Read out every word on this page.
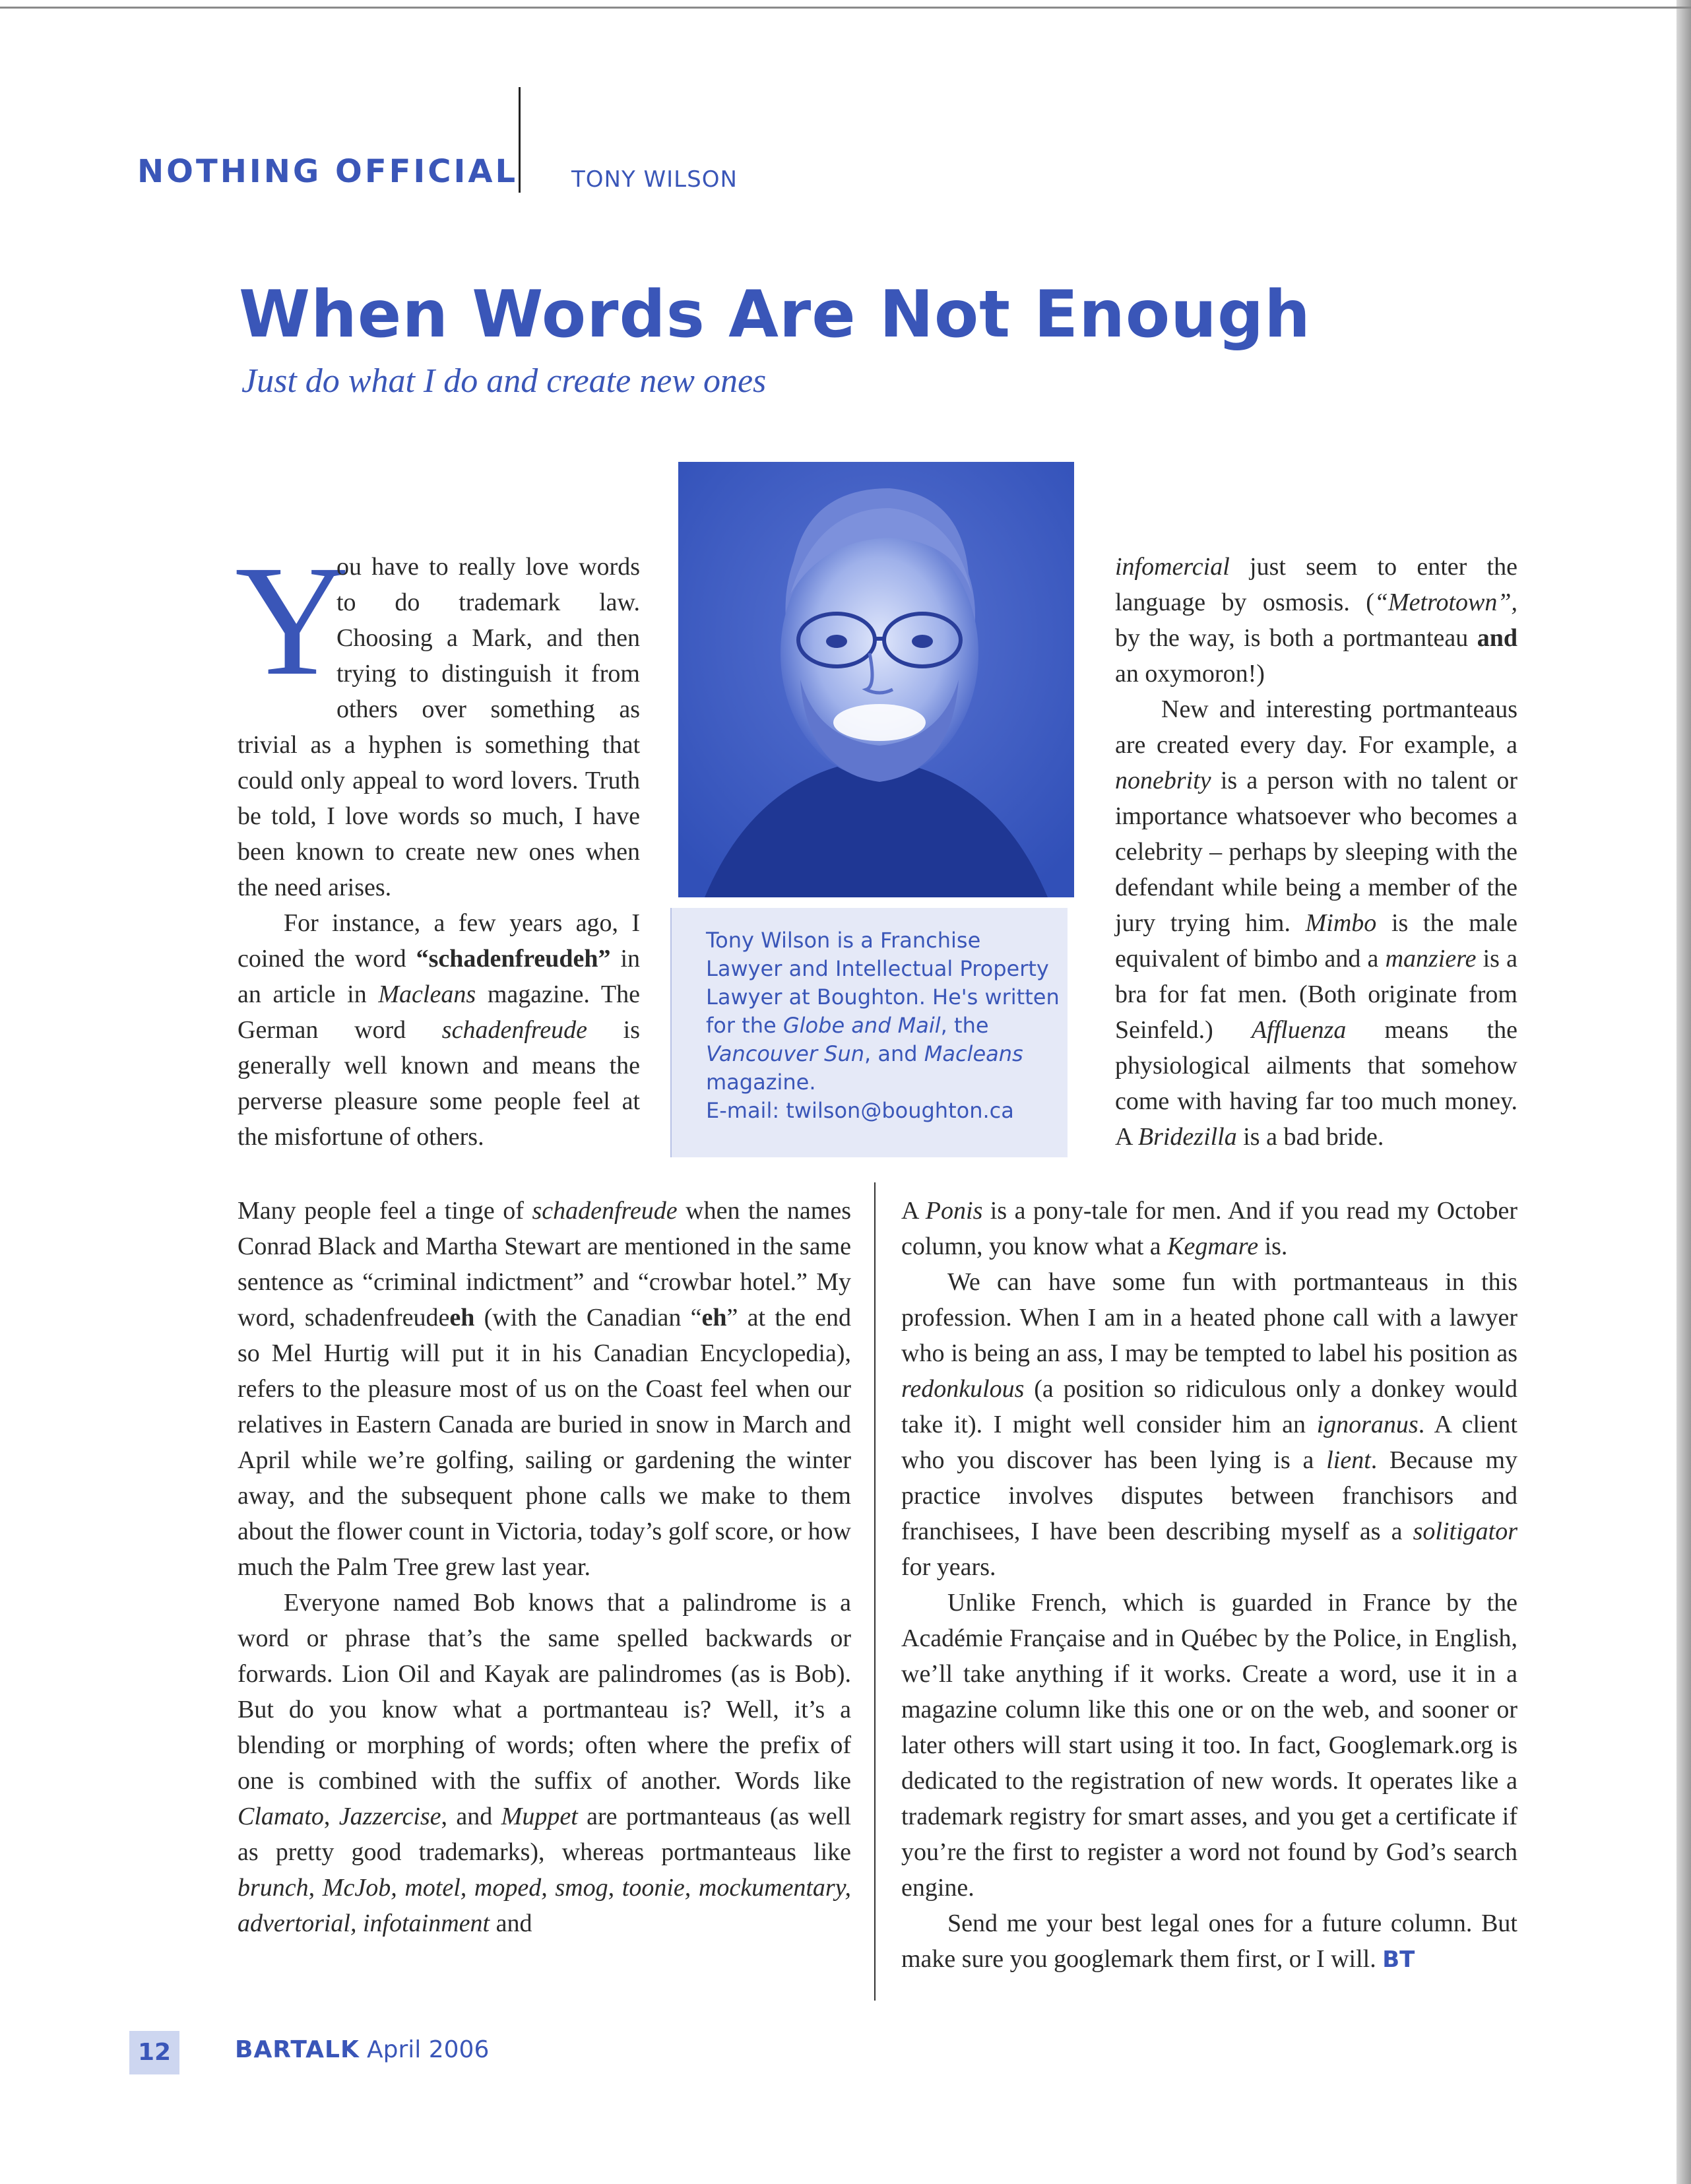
NOTHING OFFICIAL TONY WILSON
When Words Are Not Enough
Just do what I do and create new ones
Tony Wilson is a Franchise Lawyer and Intellectual Property Lawyer at Boughton. He's written for the Globe and Mail, the Vancouver Sun, and Macleans magazine.
E-mail: twilson@boughton.ca
Y

ou have to really love words to do trademark law. Choosing a Mark, and then trying to distinguish it from others over something as trivial as a hyphen is something that could only appeal to word lovers. Truth be told, I love words so much, I have been known to create new ones when the need arises.

For instance, a few years ago, I coined the word “schadenfreudeh” in an article in Macleans magazine. The German word schadenfreude is generally well known and means the perverse pleasure some people feel at the misfortune of others.

Many people feel a tinge of schadenfreude when the names Conrad Black and Martha Stewart are mentioned in the same sentence as “criminal indictment” and “crowbar hotel.” My word, schadenfreudeeh (with the Canadian “eh” at the end so Mel Hurtig will put it in his Canadian Encyclopedia), refers to the pleasure most of us on the Coast feel when our relatives in Eastern Canada are buried in snow in March and April while we’re golfing, sailing or gardening the winter away, and the subsequent phone calls we make to them about the flower count in Victoria, today’s golf score, or how much the Palm Tree grew last year.

Everyone named Bob knows that a palindrome is a word or phrase that’s the same spelled backwards or forwards. Lion Oil and Kayak are palindromes (as is Bob). But do you know what a portmanteau is? Well, it’s a blending or morphing of words; often where the prefix of one is combined with the suffix of another. Words like Clamato, Jazzercise, and Muppet are portmanteaus (as well as pretty good trademarks), whereas portmanteaus like brunch, McJob, motel, moped, smog, toonie, mockumentary, advertorial, infotainment and

infomercial just seem to enter the language by osmosis. (“Metrotown”, by the way, is both a portmanteau and an oxymoron!)

New and interesting portmanteaus are created every day. For example, a nonebrity is a person with no talent or importance whatsoever who becomes a celebrity – perhaps by sleeping with the defendant while being a member of the jury trying him. Mimbo is the male equivalent of bimbo and a manziere is a bra for fat men. (Both originate from Seinfeld.) Affluenza means the physiological ailments that somehow come with having far too much money. A Bridezilla is a bad bride.

A Ponis is a pony-tale for men. And if you read my October column, you know what a Kegmare is.

We can have some fun with portmanteaus in this profession. When I am in a heated phone call with a lawyer who is being an ass, I may be tempted to label his position as redonkulous (a position so ridiculous only a donkey would take it). I might well consider him an ignoranus. A client who you discover has been lying is a lient. Because my practice involves disputes between franchisors and franchisees, I have been describing myself as a solitigator for years.

Unlike French, which is guarded in France by the Académie Française and in Québec by the Police, in English, we’ll take anything if it works. Create a word, use it in a magazine column like this one or on the web, and sooner or later others will start using it too. In fact, Googlemark.org is dedicated to the registration of new words. It operates like a trademark registry for smart asses, and you get a certificate if you’re the first to register a word not found by God’s search engine.

Send me your best legal ones for a future column. But make sure you googlemark them first, or I will. BT

12	BARTALK April 2006
